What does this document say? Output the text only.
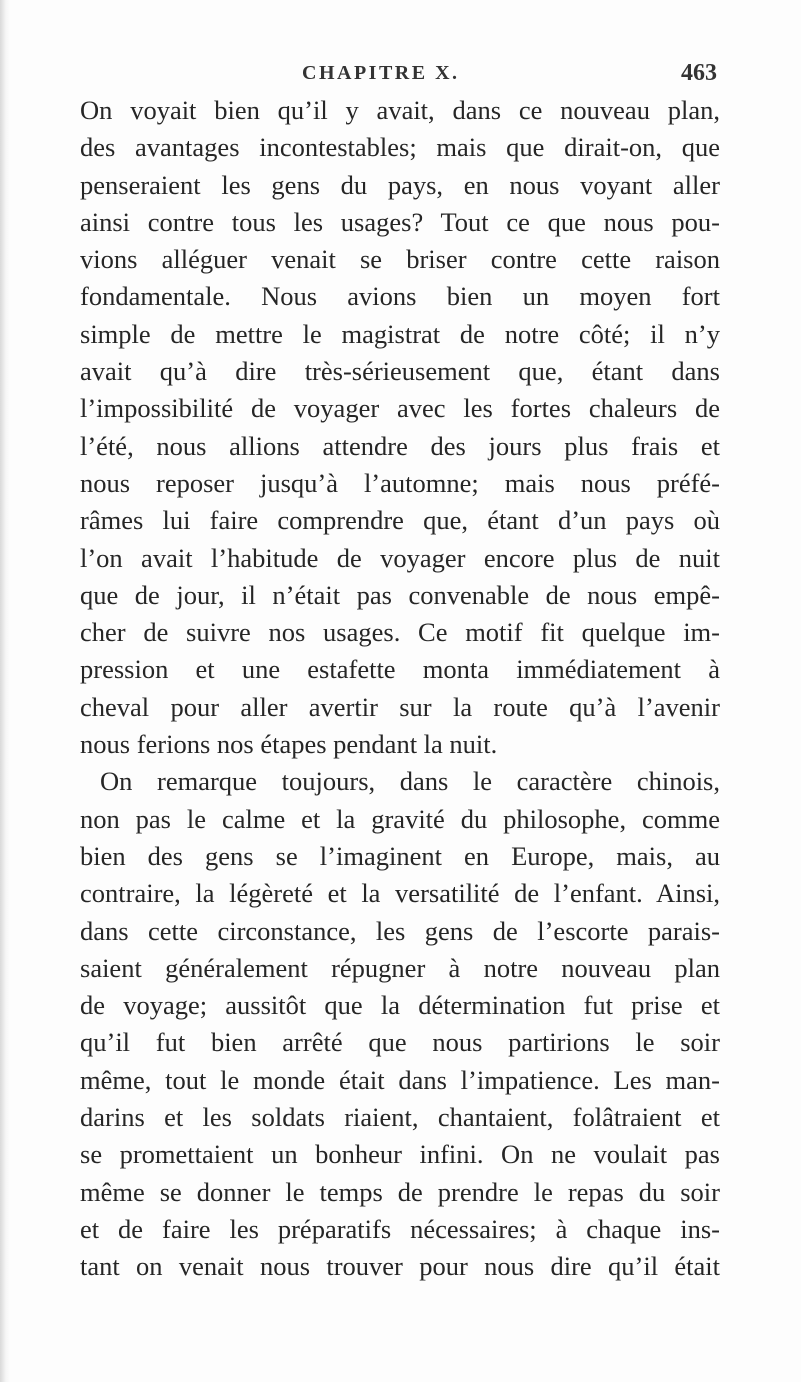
CHAPITRE X.	463
On voyait bien qu’il y avait, dans ce nouveau plan,
des avantages incontestables; mais que dirait-on, que
penseraient les gens du pays, en nous voyant aller
ainsi contre tous les usages? Tout ce que nous pou-
vions alléguer venait se briser contre cette raison
fondamentale. Nous avions bien un moyen fort
simple de mettre le magistrat de notre côté; il n’y
avait qu’à dire très-sérieusement que, étant dans
l’impossibilité de voyager avec les fortes chaleurs de
l’été, nous allions attendre des jours plus frais et
nous reposer jusqu’à l’automne; mais nous préfé-
râmes lui faire comprendre que, étant d’un pays où
l’on avait l’habitude de voyager encore plus de nuit
que de jour, il n’était pas convenable de nous empê-
cher de suivre nos usages. Ce motif fit quelque im-
pression et une estafette monta immédiatement à
cheval pour aller avertir sur la route qu’à l’avenir
nous ferions nos étapes pendant la nuit.
On remarque toujours, dans le caractère chinois,
non pas le calme et la gravité du philosophe, comme
bien des gens se l’imaginent en Europe, mais, au
contraire, la légèreté et la versatilité de l’enfant. Ainsi,
dans cette circonstance, les gens de l’escorte parais-
saient généralement répugner à notre nouveau plan
de voyage; aussitôt que la détermination fut prise et
qu’il fut bien arrêté que nous partirions le soir
même, tout le monde était dans l’impatience. Les man-
darins et les soldats riaient, chantaient, folâtraient et
se promettaient un bonheur infini. On ne voulait pas
même se donner le temps de prendre le repas du soir
et de faire les préparatifs nécessaires; à chaque ins-
tant on venait nous trouver pour nous dire qu’il était
